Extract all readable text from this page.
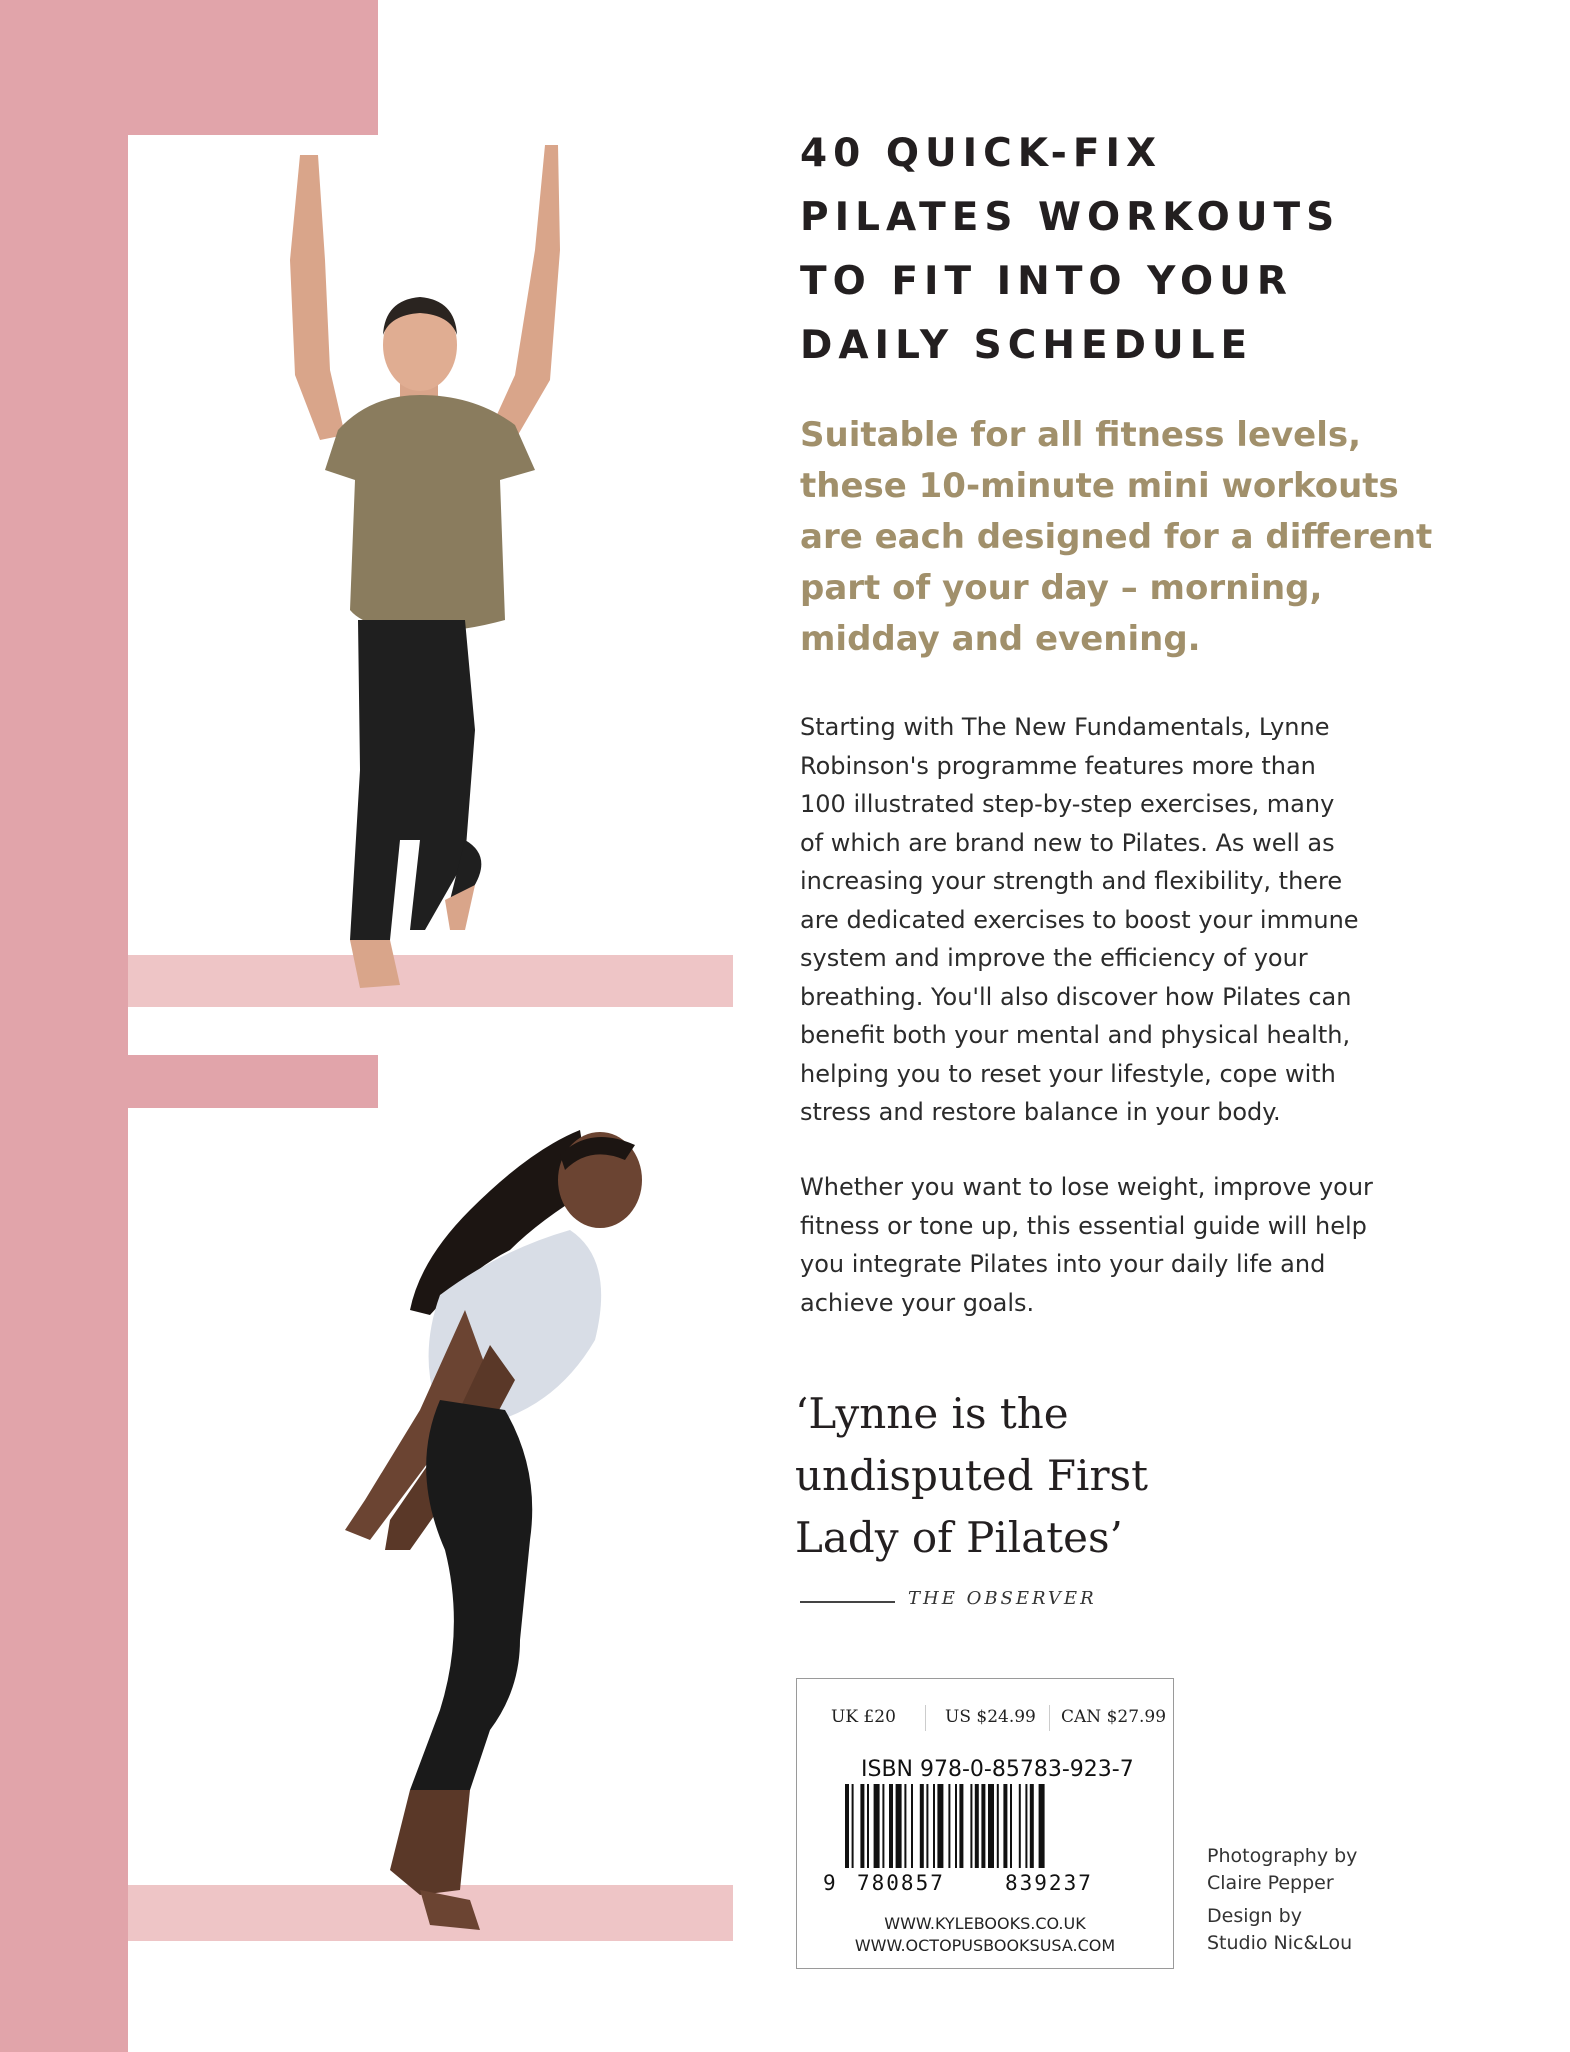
40 QUICK-FIX
PILATES WORKOUTS
TO FIT INTO YOUR
DAILY SCHEDULE
Suitable for all fitness levels,
these 10-minute mini workouts
are each designed for a different
part of your day – morning,
midday and evening.
Starting with The New Fundamentals, Lynne
Robinson's programme features more than
100 illustrated step-by-step exercises, many
of which are brand new to Pilates. As well as
increasing your strength and flexibility, there
are dedicated exercises to boost your immune
system and improve the efficiency of your
breathing. You'll also discover how Pilates can
benefit both your mental and physical health,
helping you to reset your lifestyle, cope with
stress and restore balance in your body.
Whether you want to lose weight, improve your
fitness or tone up, this essential guide will help
you integrate Pilates into your daily life and
achieve your goals.
‘Lynne is the
undisputed First
Lady of Pilates’
THE OBSERVER
UK £20	US $24.99 CAN $27.99
ISBN 978-0-85783-923-7
9 780857	839237
WWW.KYLEBOOKS.CO.UK
WWW.OCTOPUSBOOKSUSA.COM
Photography by
Claire Pepper
Design by
Studio Nic&Lou
